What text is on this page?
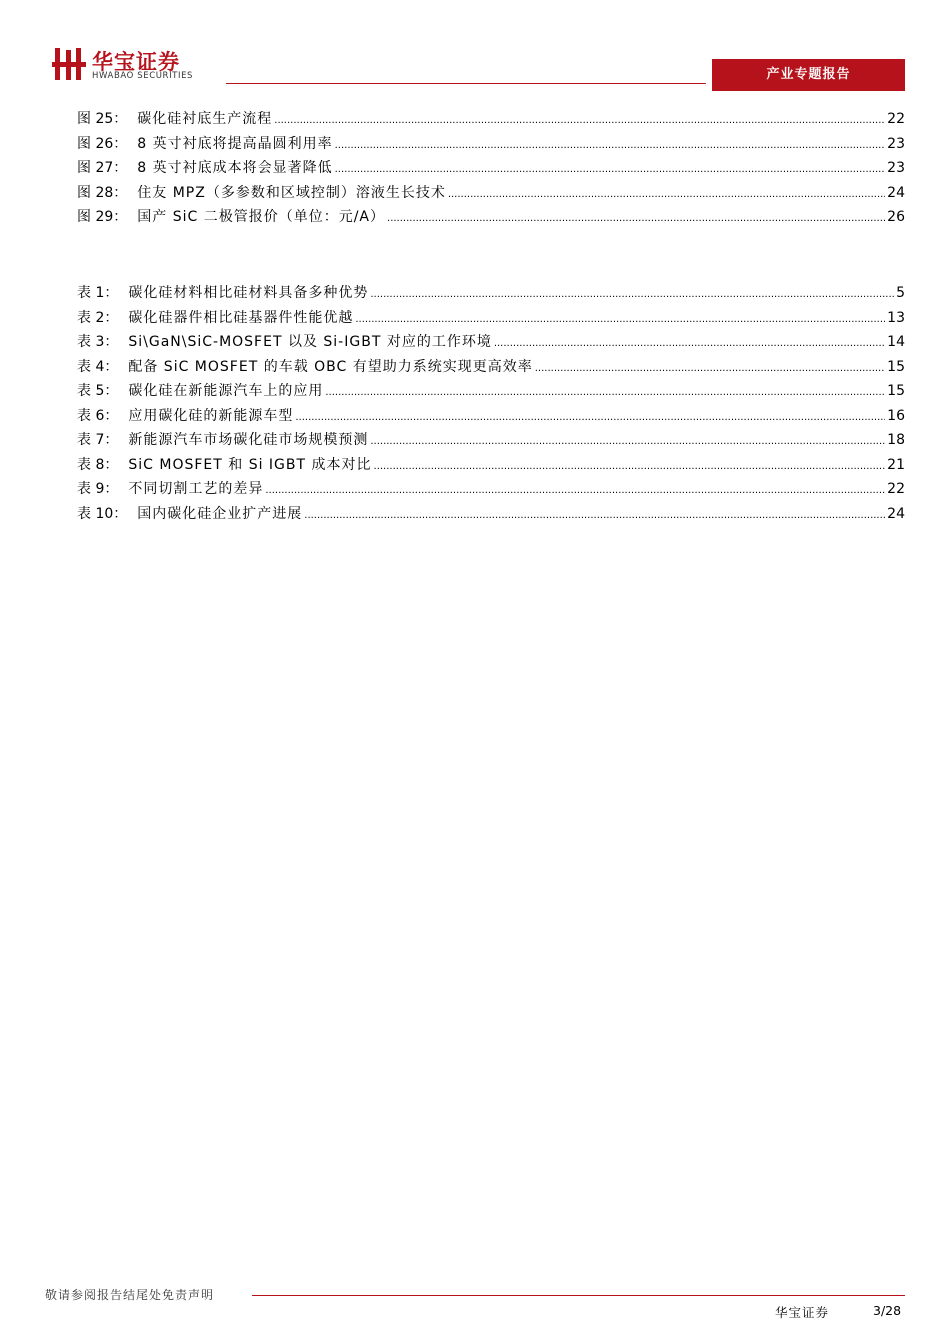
华宝证券
HWABAO SECURITIES	产业专题报告
图 25： 碳化硅衬底生产流程 .....	22
图 26： 8 英寸衬底将提高晶圆利用率 .....	23
图 27： 8 英寸衬底成本将会显著降低 .....	23
图 28： 住友 MPZ（多参数和区域控制）溶液生长技术 .....	24
图 29： 国产 SiC 二极管报价（单位：元/A） .....	26
表 1： 碳化硅材料相比硅材料具备多种优势 .....	5
表 2： 碳化硅器件相比硅基器件性能优越 .....	13
表 3： Si\GaN\SiC-MOSFET 以及 Si-IGBT 对应的工作环境 .....	14
表 4： 配备 SiC MOSFET 的车载 OBC 有望助力系统实现更高效率 .....	15
表 5： 碳化硅在新能源汽车上的应用 .....	15
表 6： 应用碳化硅的新能源车型 .....	16
表 7： 新能源汽车市场碳化硅市场规模预测 .....	18
表 8： SiC MOSFET 和 Si IGBT 成本对比 .....	21
表 9： 不同切割工艺的差异 .....	22
表 10： 国内碳化硅企业扩产进展 .....	24
敬请参阅报告结尾处免责声明
华宝证券	3/28
